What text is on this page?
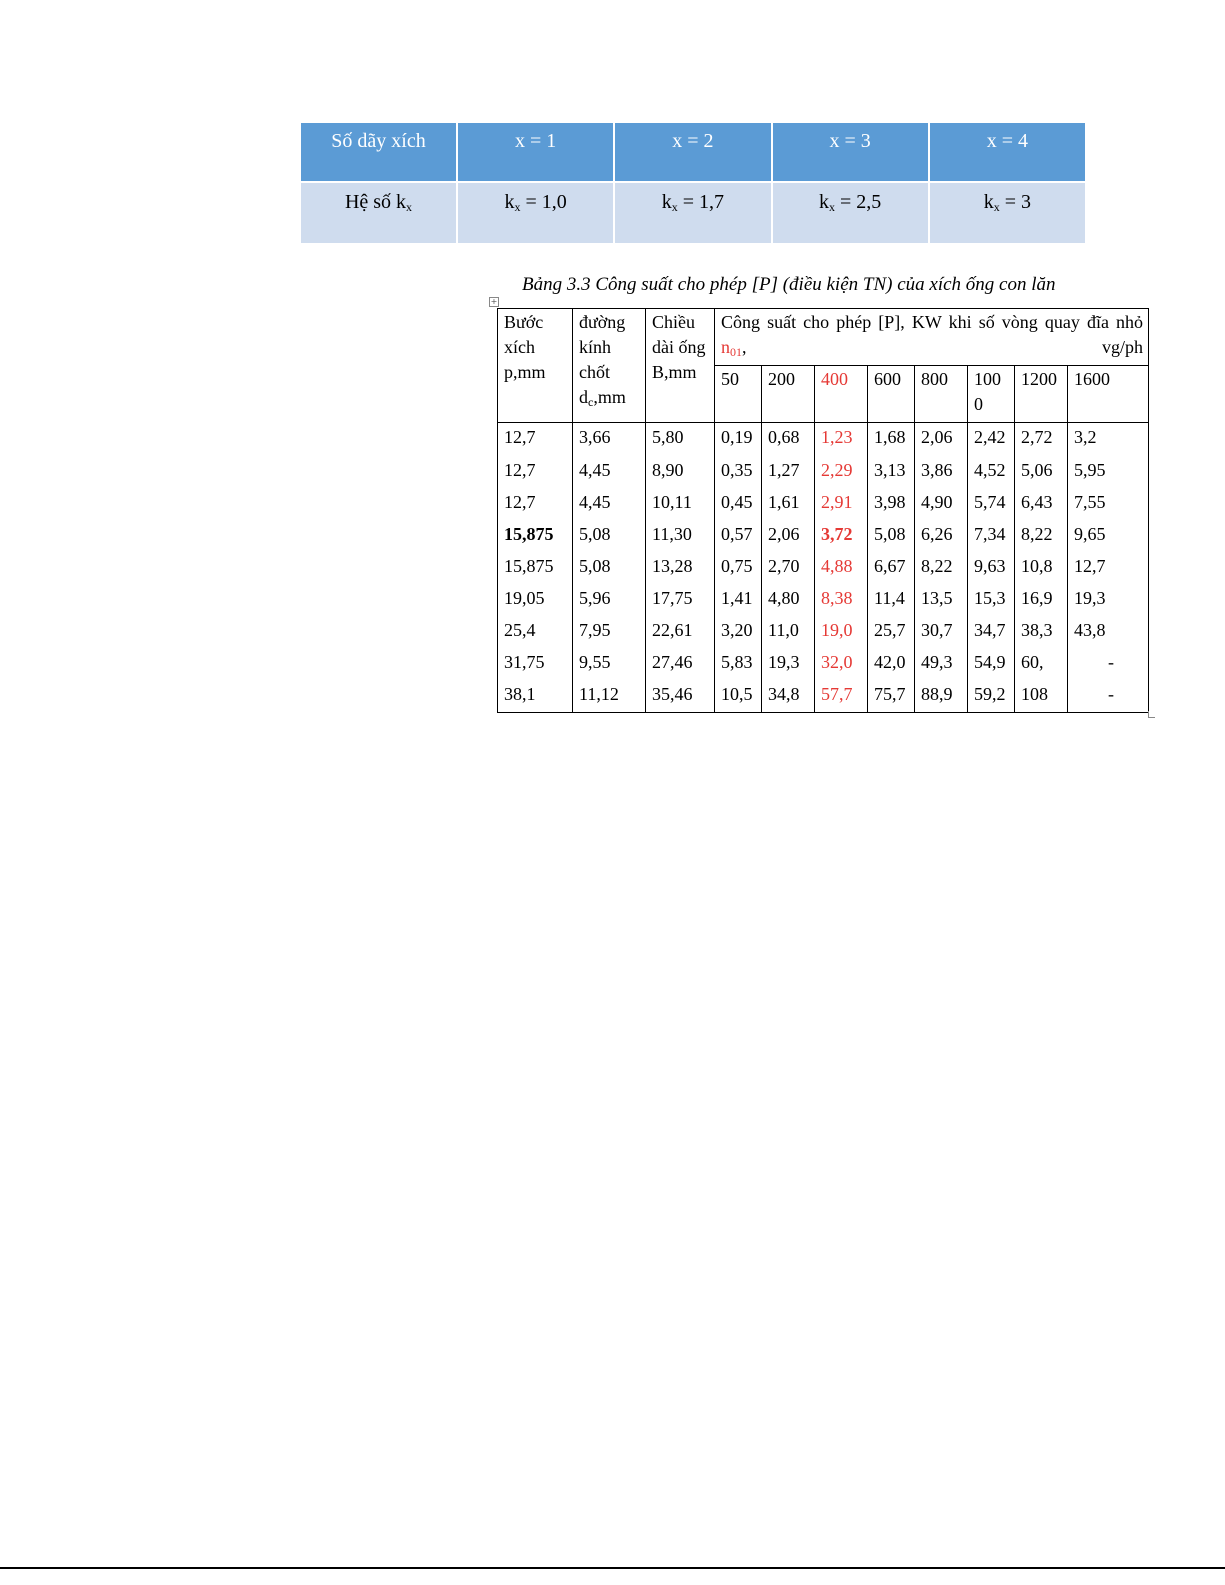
Số dãy xích	x = 1	x = 2	x = 3	x = 4
Hệ số $k_x$	$k_x = 1,0$	$k_x = 1,7$	$k_x = 2,5$	$k_x = 3$
Bảng 3.3 Công suất cho phép [P] (điều kiện TN) của xích ống con lăn
+
Bước xích p,mm	đường kính chốt $d_c,mm$	Chiều dài ống B,mm	Công suất cho phép [P], KW khi số vòng quay đĩa nhỏ $n_{01}$, vg/ph							
			50	200	400	600	800	100 0	1200	1600
12,7	3,66	5,80	0,19	0,68	1,23	1,68	2,06	2,42	2,72	3,2
12,7	4,45	8,90	0,35	1,27	2,29	3,13	3,86	4,52	5,06	5,95
12,7	4,45	10,11	0,45	1,61	2,91	3,98	4,90	5,74	6,43	7,55
15,875	5,08	11,30	0,57	2,06	3,72	5,08	6,26	7,34	8,22	9,65
15,875	5,08	13,28	0,75	2,70	4,88	6,67	8,22	9,63	10,8	12,7
19,05	5,96	17,75	1,41	4,80	8,38	11,4	13,5	15,3	16,9	19,3
25,4	7,95	22,61	3,20	11,0	19,0	25,7	30,7	34,7	38,3	43,8
31,75	9,55	27,46	5,83	19,3	32,0	42,0	49,3	54,9	60,	-
38,1	11,12	35,46	10,5	34,8	57,7	75,7	88,9	59,2	108	-
